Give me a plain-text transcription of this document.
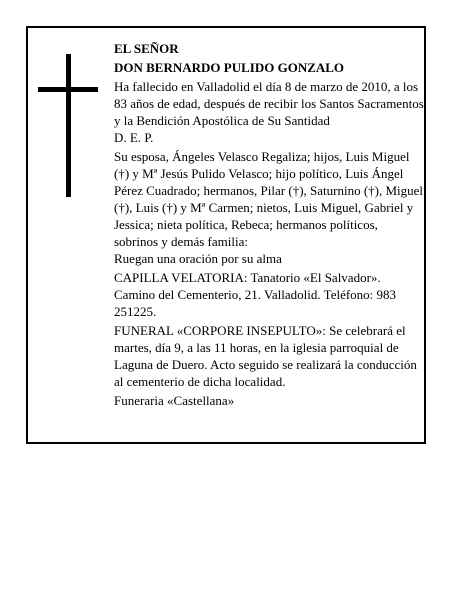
EL SEÑOR

DON BERNARDO PULIDO GONZALO

Ha fallecido en Valladolid el día 8 de marzo de 2010, a los 83 años de edad, después de recibir los Santos Sacramentos y la Bendición Apostólica de Su Santidad

D. E. P.

Su esposa, Ángeles Velasco Regaliza; hijos, Luis Miguel (†) y Mª Jesús Pulido Velasco; hijo político, Luis Ángel Pérez Cuadrado; hermanos, Pilar (†), Saturnino (†), Miguel (†), Luis (†) y Mª Carmen; nietos, Luis Miguel, Gabriel y Jessica; nieta política, Rebeca; hermanos políticos, sobrinos y demás familia:

Ruegan una oración por su alma

CAPILLA VELATORIA: Tanatorio «El Salvador». Camino del Cementerio, 21. Valladolid. Teléfono: 983 251225.

FUNERAL «CORPORE INSEPULTO»: Se celebrará el martes, día 9, a las 11 horas, en la iglesia parroquial de Laguna de Duero. Acto seguido se realizará la conducción al cementerio de dicha localidad.

Funeraria «Castellana»
